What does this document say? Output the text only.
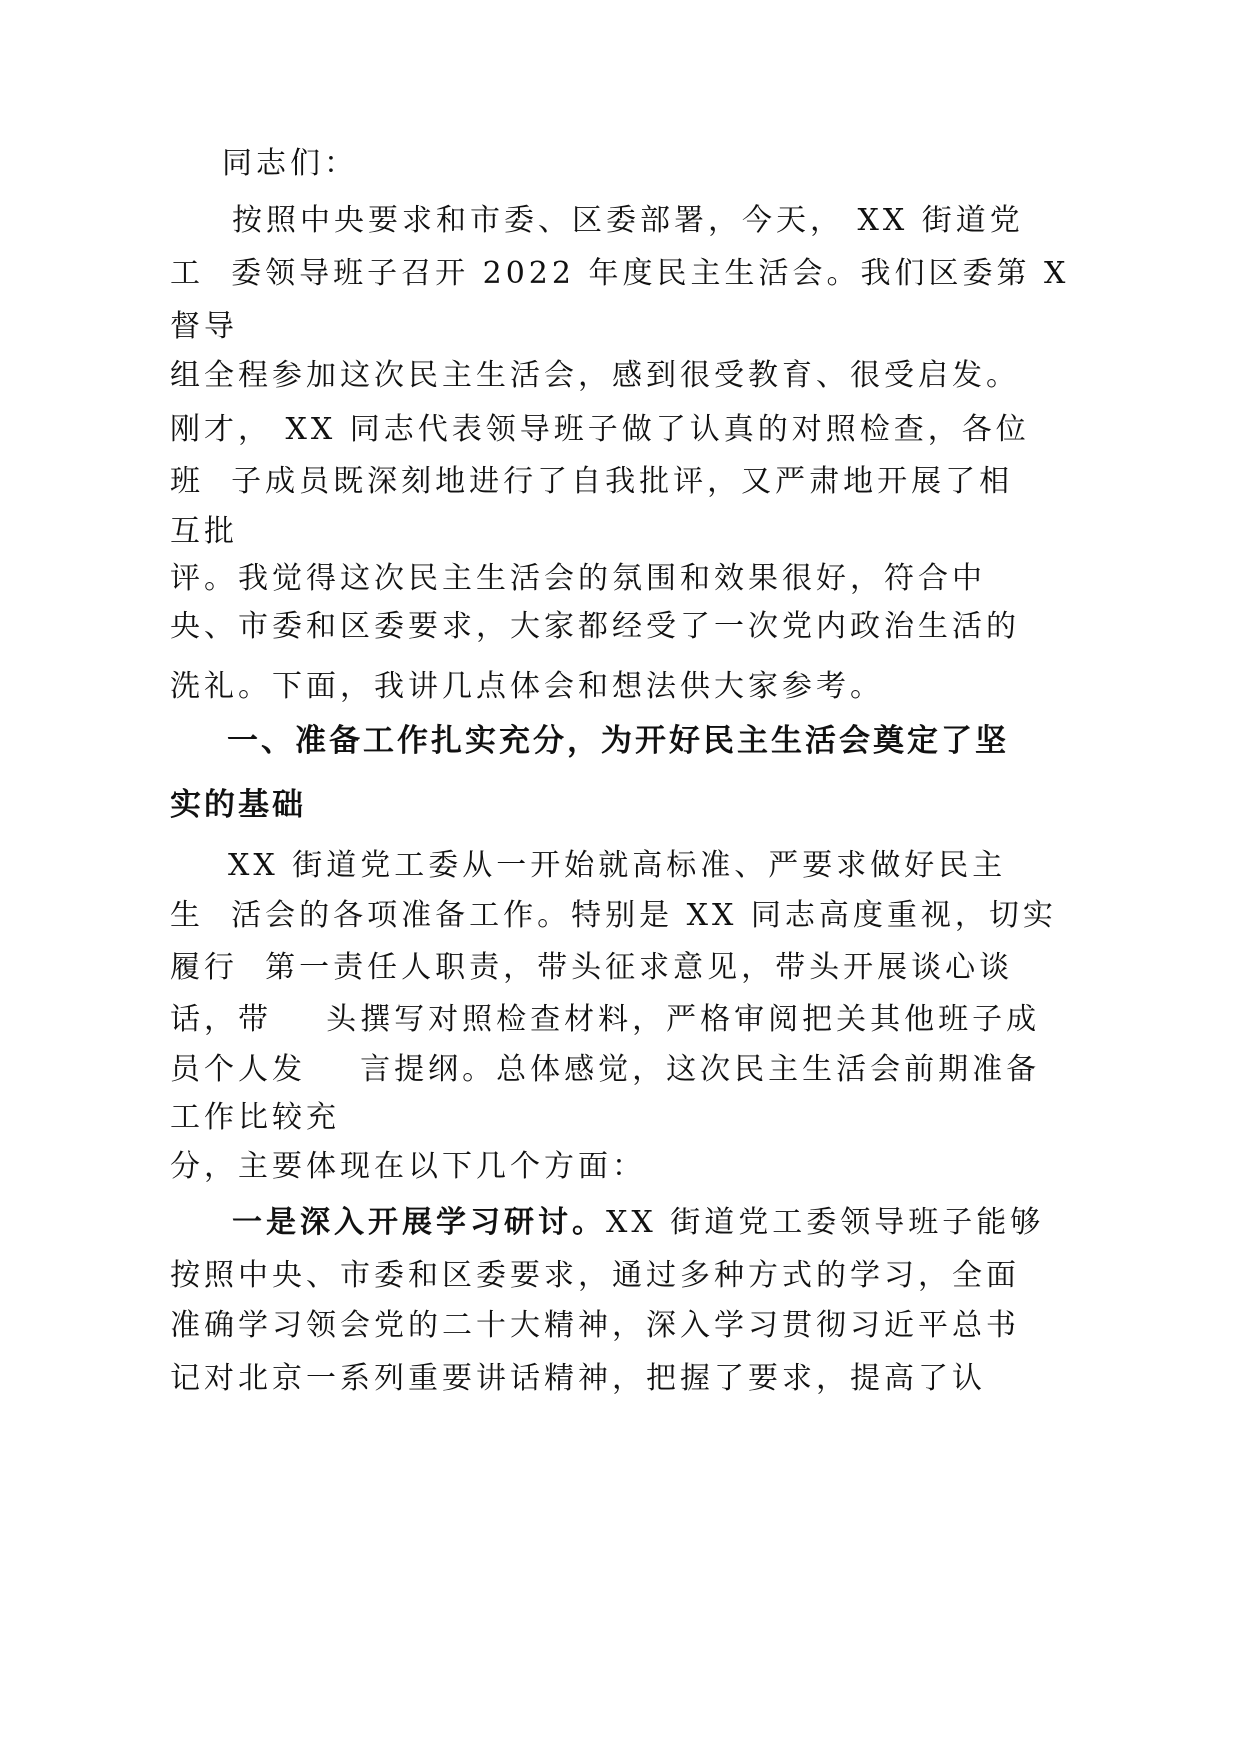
同志们：
按照中央要求和市委、区委部署，今天， XX 街道党
工  委领导班子召开 2022 年度民主生活会。我们区委第 X
督导
组全程参加这次民主生活会，感到很受教育、很受启发。
刚才， XX 同志代表领导班子做了认真的对照检查，各位
班  子成员既深刻地进行了自我批评，又严肃地开展了相
互批
评。我觉得这次民主生活会的氛围和效果很好，符合中
央、市委和区委要求，大家都经受了一次党内政治生活的
洗礼。下面，我讲几点体会和想法供大家参考。
一、准备工作扎实充分，为开好民主生活会奠定了坚
实的基础
XX 街道党工委从一开始就高标准、严要求做好民主
生  活会的各项准备工作。特别是 XX 同志高度重视，切实
履行  第一责任人职责，带头征求意见，带头开展谈心谈
话，带    头撰写对照检查材料，严格审阅把关其他班子成
员个人发    言提纲。总体感觉，这次民主生活会前期准备
工作比较充
分，主要体现在以下几个方面：
一是深入开展学习研讨。XX 街道党工委领导班子能够
按照中央、市委和区委要求，通过多种方式的学习，全面
准确学习领会党的二十大精神，深入学习贯彻习近平总书
记对北京一系列重要讲话精神，把握了要求，提高了认
